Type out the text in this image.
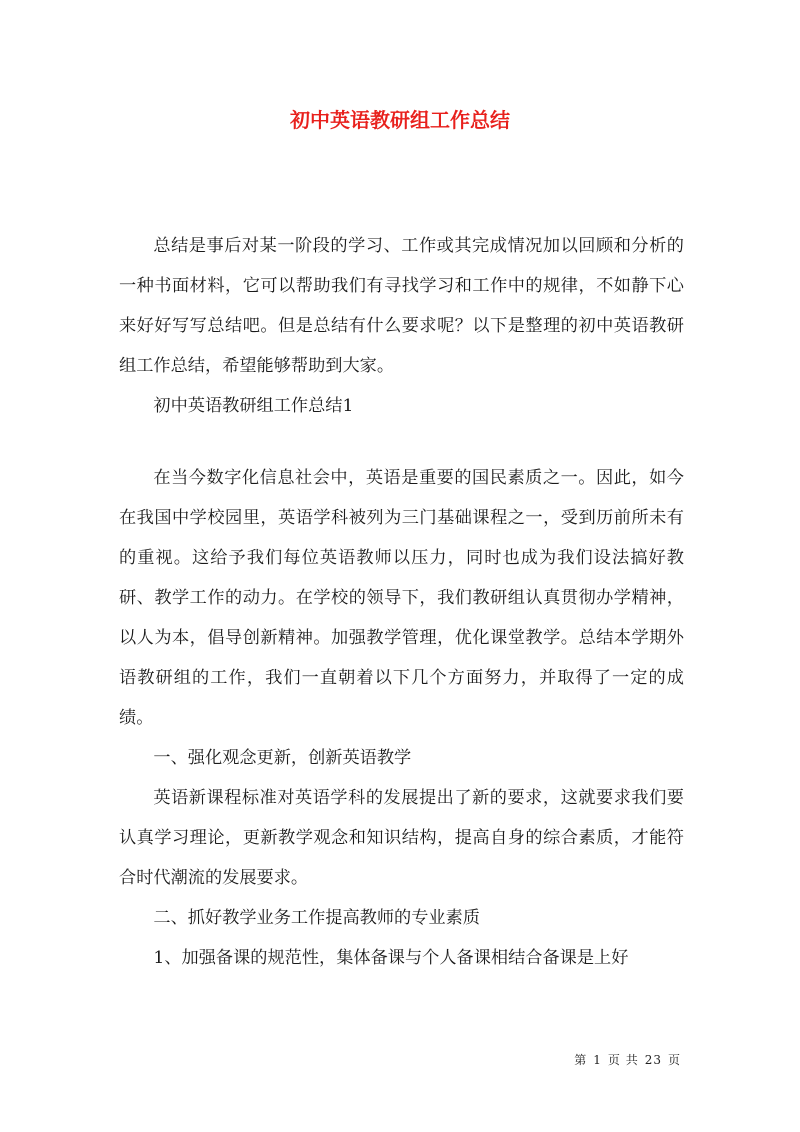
初中英语教研组工作总结

总结是事后对某一阶段的学习、工作或其完成情况加以回顾和分析的一种书面材料，它可以帮助我们有寻找学习和工作中的规律，不如静下心来好好写写总结吧。但是总结有什么要求呢？以下是整理的初中英语教研组工作总结，希望能够帮助到大家。

初中英语教研组工作总结1

在当今数字化信息社会中，英语是重要的国民素质之一。因此，如今在我国中学校园里，英语学科被列为三门基础课程之一，受到历前所未有的重视。这给予我们每位英语教师以压力，同时也成为我们设法搞好教研、教学工作的动力。在学校的领导下，我们教研组认真贯彻办学精神，以人为本，倡导创新精神。加强教学管理，优化课堂教学。总结本学期外语教研组的工作，我们一直朝着以下几个方面努力，并取得了一定的成绩。

一、强化观念更新，创新英语教学

英语新课程标准对英语学科的发展提出了新的要求，这就要求我们要认真学习理论，更新教学观念和知识结构，提高自身的综合素质，才能符合时代潮流的发展要求。

二、抓好教学业务工作提高教师的专业素质

1、加强备课的规范性，集体备课与个人备课相结合备课是上好

第 1 页 共 23 页
